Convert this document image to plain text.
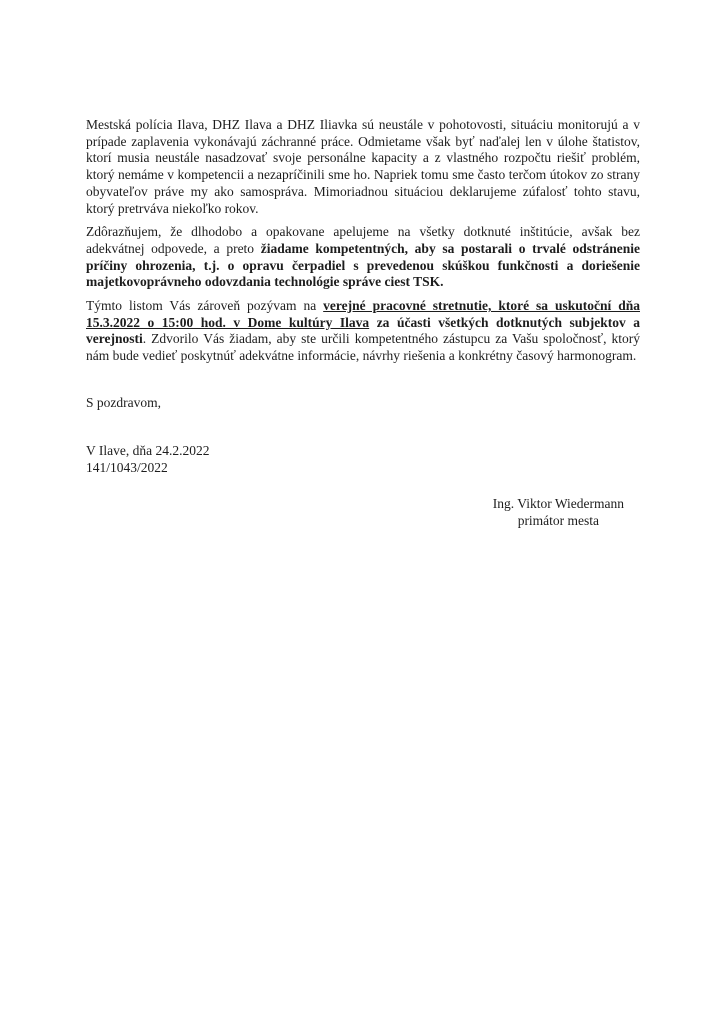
Mestská polícia Ilava, DHZ Ilava a DHZ Iliavka sú neustále v pohotovosti, situáciu monitorujú a v prípade zaplavenia vykonávajú záchranné práce. Odmietame však byť naďalej len v úlohe štatistov, ktorí musia neustále nasadzovať svoje personálne kapacity a z vlastného rozpočtu riešiť problém, ktorý nemáme v kompetencii a nezapríčinili sme ho. Napriek tomu sme často terčom útokov zo strany obyvateľov práve my ako samospráva. Mimoriadnou situáciou deklarujeme zúfalosť tohto stavu, ktorý pretrváva niekoľko rokov.

Zdôrazňujem, že dlhodobo a opakovane apelujeme na všetky dotknuté inštitúcie, avšak bez adekvátnej odpovede, a preto žiadame kompetentných, aby sa postarali o trvalé odstránenie príčiny ohrozenia, t.j. o opravu čerpadiel s prevedenou skúškou funkčnosti a doriešenie majetkovoprávneho odovzdania technológie správe ciest TSK.

Týmto listom Vás zároveň pozývam na verejné pracovné stretnutie, ktoré sa uskutoční dňa 15.3.2022 o 15:00 hod. v Dome kultúry Ilava za účasti všetkých dotknutých subjektov a verejnosti. Zdvorilo Vás žiadam, aby ste určili kompetentného zástupcu za Vašu spoločnosť, ktorý nám bude vedieť poskytnúť adekvátne informácie, návrhy riešenia a konkrétny časový harmonogram.

S pozdravom,

V Ilave, dňa 24.2.2022
141/1043/2022
Ing. Viktor Wiedermann
primátor mesta
